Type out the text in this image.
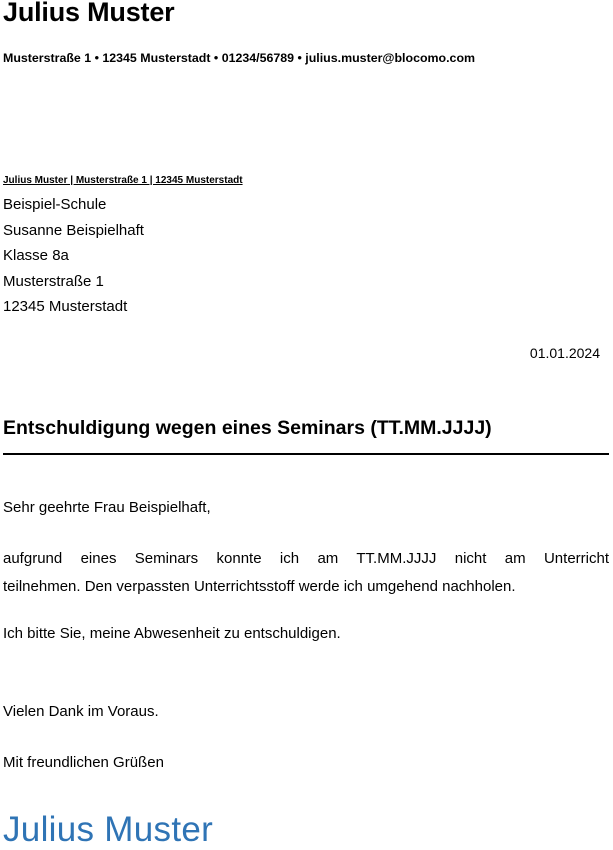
Julius Muster
Musterstraße 1 • 12345 Musterstadt • 01234/56789 • julius.muster@blocomo.com
Julius Muster | Musterstraße 1 | 12345 Musterstadt
Beispiel-Schule
Susanne Beispielhaft
Klasse 8a
Musterstraße 1
12345 Musterstadt
01.01.2024
Entschuldigung wegen eines Seminars (TT.MM.JJJJ)
Sehr geehrte Frau Beispielhaft,
aufgrund eines Seminars konnte ich am TT.MM.JJJJ nicht am Unterricht
teilnehmen. Den verpassten Unterrichtsstoff werde ich umgehend nachholen.
Ich bitte Sie, meine Abwesenheit zu entschuldigen.
Vielen Dank im Voraus.
Mit freundlichen Grüßen
Julius Muster
